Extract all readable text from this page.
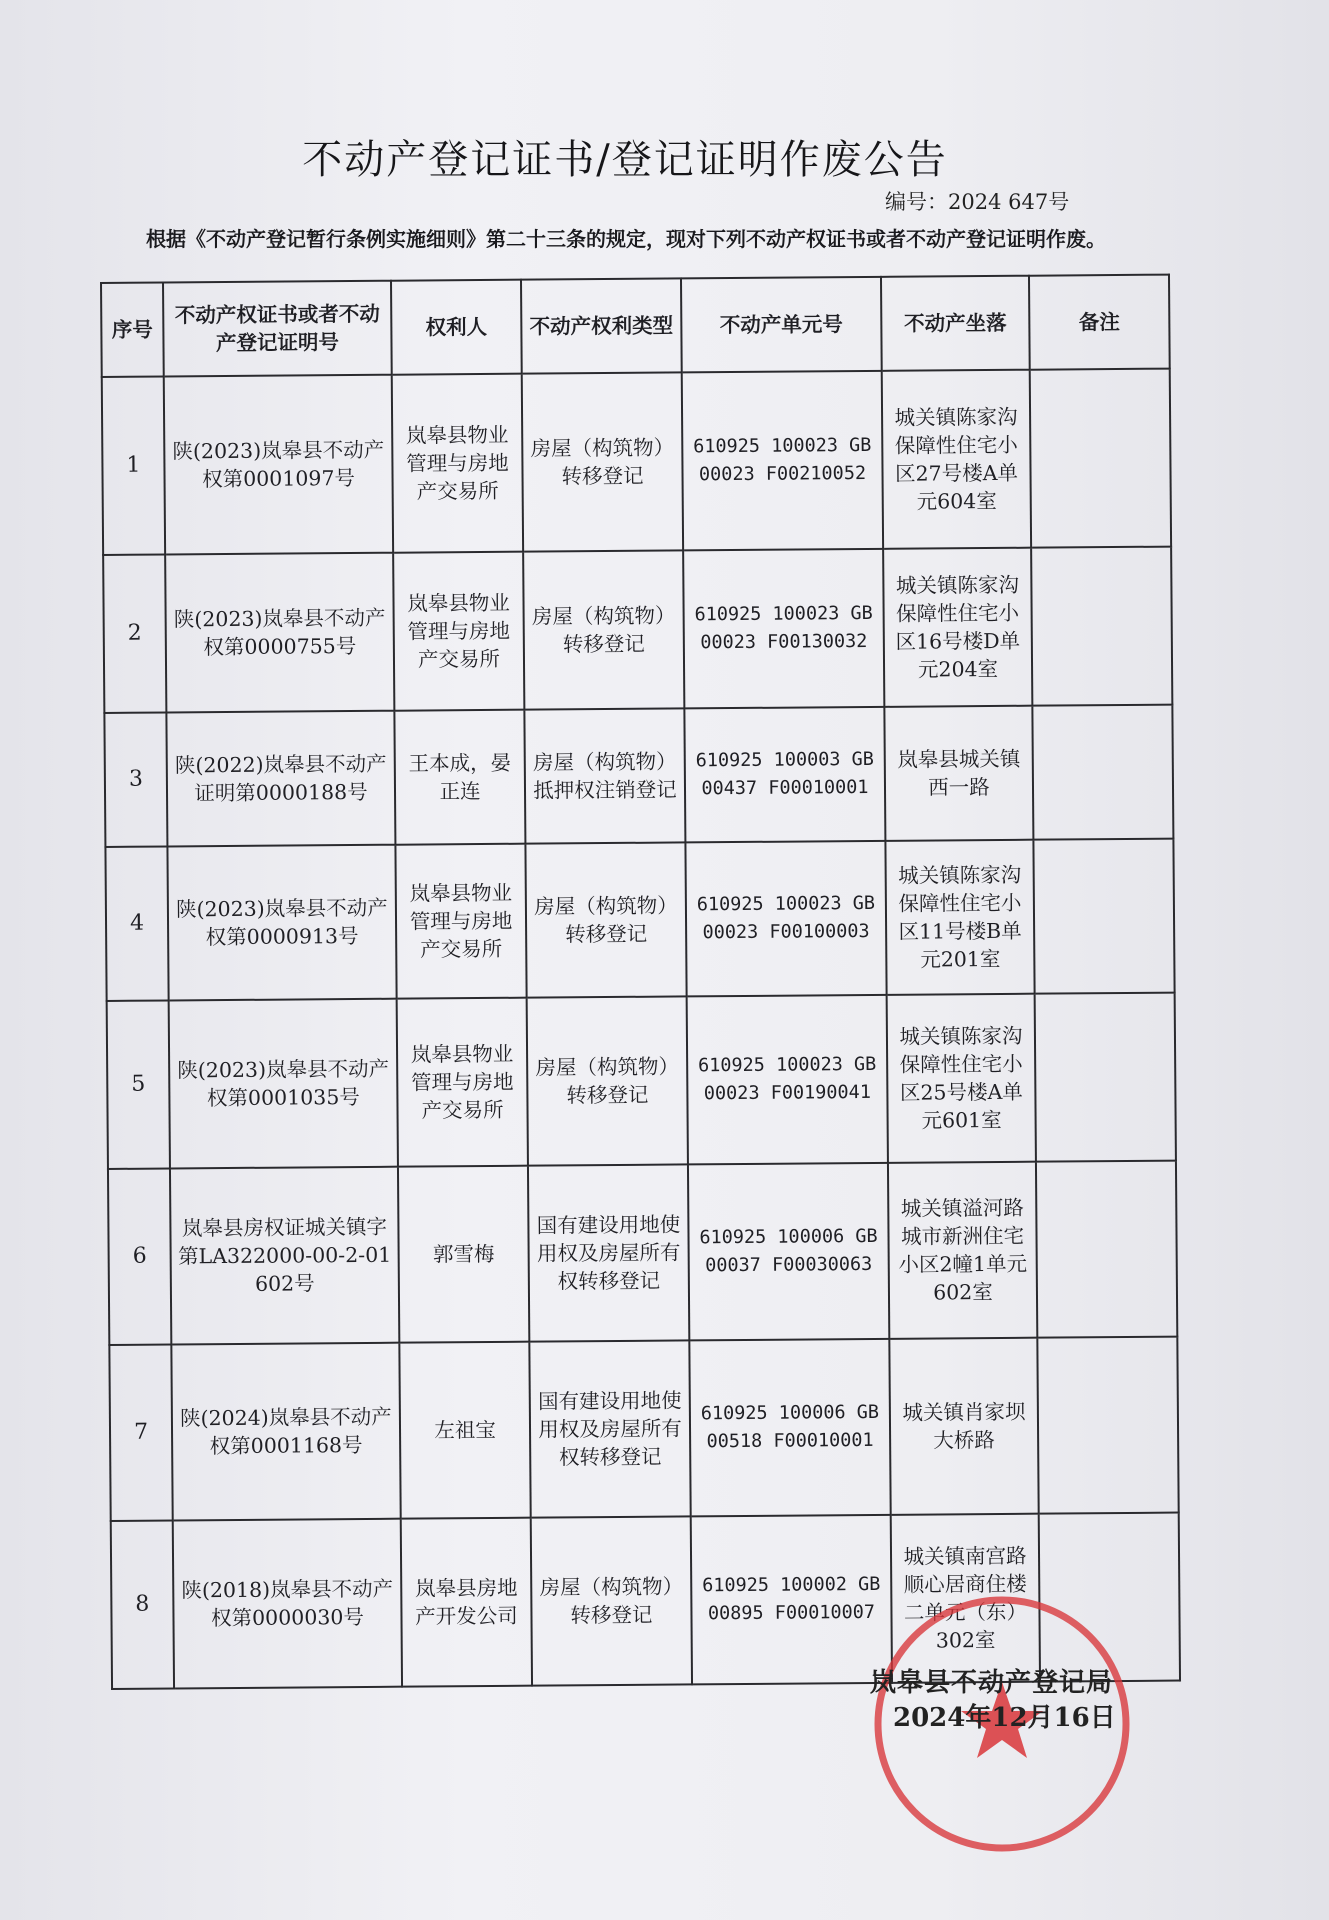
不动产登记证书/登记证明作废公告
编号：2024 647号
根据《不动产登记暂行条例实施细则》第二十三条的规定，现对下列不动产权证书或者不动产登记证明作废。
序号	不动产权证书或者不动产登记证明号	权利人	不动产权利类型	不动产单元号	不动产坐落	备注
1	陕(2023)岚皋县不动产权第0001097号	岚皋县物业管理与房地产交易所	房屋（构筑物）转移登记	610925 100023 GB00023 F00210052	城关镇陈家沟保障性住宅小区27号楼A单元604室	
2	陕(2023)岚皋县不动产权第0000755号	岚皋县物业管理与房地产交易所	房屋（构筑物）转移登记	610925 100023 GB00023 F00130032	城关镇陈家沟保障性住宅小区16号楼D单元204室	
3	陕(2022)岚皋县不动产证明第0000188号	王本成，晏正连	房屋（构筑物）抵押权注销登记	610925 100003 GB00437 F00010001	岚皋县城关镇西一路	
4	陕(2023)岚皋县不动产权第0000913号	岚皋县物业管理与房地产交易所	房屋（构筑物）转移登记	610925 100023 GB00023 F00100003	城关镇陈家沟保障性住宅小区11号楼B单元201室	
5	陕(2023)岚皋县不动产权第0001035号	岚皋县物业管理与房地产交易所	房屋（构筑物）转移登记	610925 100023 GB00023 F00190041	城关镇陈家沟保障性住宅小区25号楼A单元601室	
6	岚皋县房权证城关镇字第LA322000-00-2-01602号	郭雪梅	国有建设用地使用权及房屋所有权转移登记	610925 100006 GB00037 F00030063	城关镇溢河路城市新洲住宅小区2幢1单元602室	
7	陕(2024)岚皋县不动产权第0001168号	左祖宝	国有建设用地使用权及房屋所有权转移登记	610925 100006 GB00518 F00010001	城关镇肖家坝大桥路	
8	陕(2018)岚皋县不动产权第0000030号	岚皋县房地产开发公司	房屋（构筑物）转移登记	610925 100002 GB00895 F00010007	城关镇南宫路顺心居商住楼二单元（东）302室	
岚皋县不动产登记局
2024年12月16日
